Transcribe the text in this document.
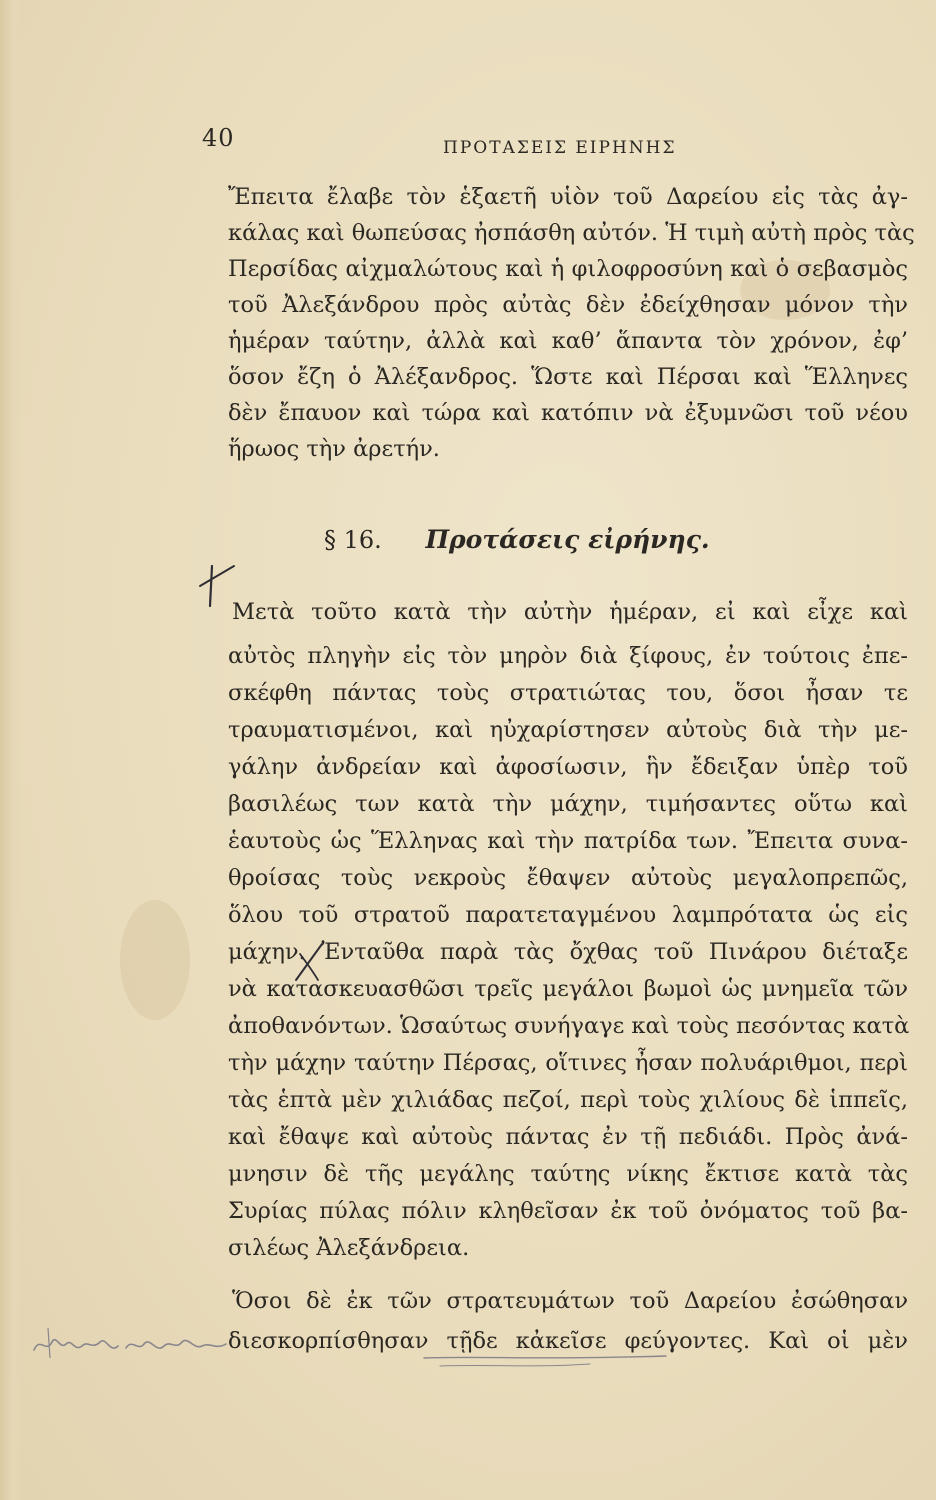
40	ΠΡΟΤΑΣΕΙΣ ΕΙΡΗΝΗΣ
Ἔπειτα ἔλαβε τὸν ἑξαετῆ υἱὸν τοῦ Δαρείου εἰς τὰς ἀγ-
κάλας καὶ θωπεύσας ἠσπάσθη αὐτόν. Ἡ τιμὴ αὐτὴ πρὸς τὰς
Περσίδας αἰχμαλώτους καὶ ἡ φιλοφροσύνη καὶ ὁ σεβασμὸς
τοῦ Ἀλεξάνδρου πρὸς αὐτὰς δὲν ἐδείχθησαν μόνον τὴν
ἡμέραν ταύτην, ἀλλὰ καὶ καθ’ ἅπαντα τὸν χρόνον, ἐφ’
ὅσον ἔζη ὁ Ἀλέξανδρος. Ὥστε καὶ Πέρσαι καὶ Ἕλληνες
δὲν ἔπαυον καὶ τώρα καὶ κατόπιν νὰ ἐξυμνῶσι τοῦ νέου
ἥρωος τὴν ἀρετήν.
§ 16. Προτάσεις εἰρήνης.
Μετὰ τοῦτο κατὰ τὴν αὐτὴν ἡμέραν, εἰ καὶ εἶχε καὶ
αὐτὸς πληγὴν εἰς τὸν μηρὸν διὰ ξίφους, ἐν τούτοις ἐπε-
σκέφθη πάντας τοὺς στρατιώτας του, ὅσοι ἦσαν τε
τραυματισμένοι, καὶ ηὐχαρίστησεν αὐτοὺς διὰ τὴν με-
γάλην ἀνδρείαν καὶ ἀφοσίωσιν, ἣν ἔδειξαν ὑπὲρ τοῦ
βασιλέως των κατὰ τὴν μάχην, τιμήσαντες οὕτω καὶ
ἑαυτοὺς ὡς Ἕλληνας καὶ τὴν πατρίδα των. Ἔπειτα συνα-
θροίσας τοὺς νεκροὺς ἔθαψεν αὐτοὺς μεγαλοπρεπῶς,
ὅλου τοῦ στρατοῦ παρατεταγμένου λαμπρότατα ὡς εἰς
μάχην. Ἐνταῦθα παρὰ τὰς ὄχθας τοῦ Πινάρου διέταξε
νὰ κατασκευασθῶσι τρεῖς μεγάλοι βωμοὶ ὡς μνημεῖα τῶν
ἀποθανόντων. Ὡσαύτως συνήγαγε καὶ τοὺς πεσόντας κατὰ
τὴν μάχην ταύτην Πέρσας, οἵτινες ἦσαν πολυάριθμοι, περὶ
τὰς ἑπτὰ μὲν χιλιάδας πεζοί, περὶ τοὺς χιλίους δὲ ἱππεῖς,
καὶ ἔθαψε καὶ αὐτοὺς πάντας ἐν τῇ πεδιάδι. Πρὸς ἀνά-
μνησιν δὲ τῆς μεγάλης ταύτης νίκης ἔκτισε κατὰ τὰς
Συρίας πύλας πόλιν κληθεῖσαν ἐκ τοῦ ὀνόματος τοῦ βα-
σιλέως Ἀλεξάνδρεια.
Ὅσοι δὲ ἐκ τῶν στρατευμάτων τοῦ Δαρείου ἐσώθησαν
διεσκορπίσθησαν τῇδε κἀκεῖσε φεύγοντες. Καὶ οἱ μὲν
